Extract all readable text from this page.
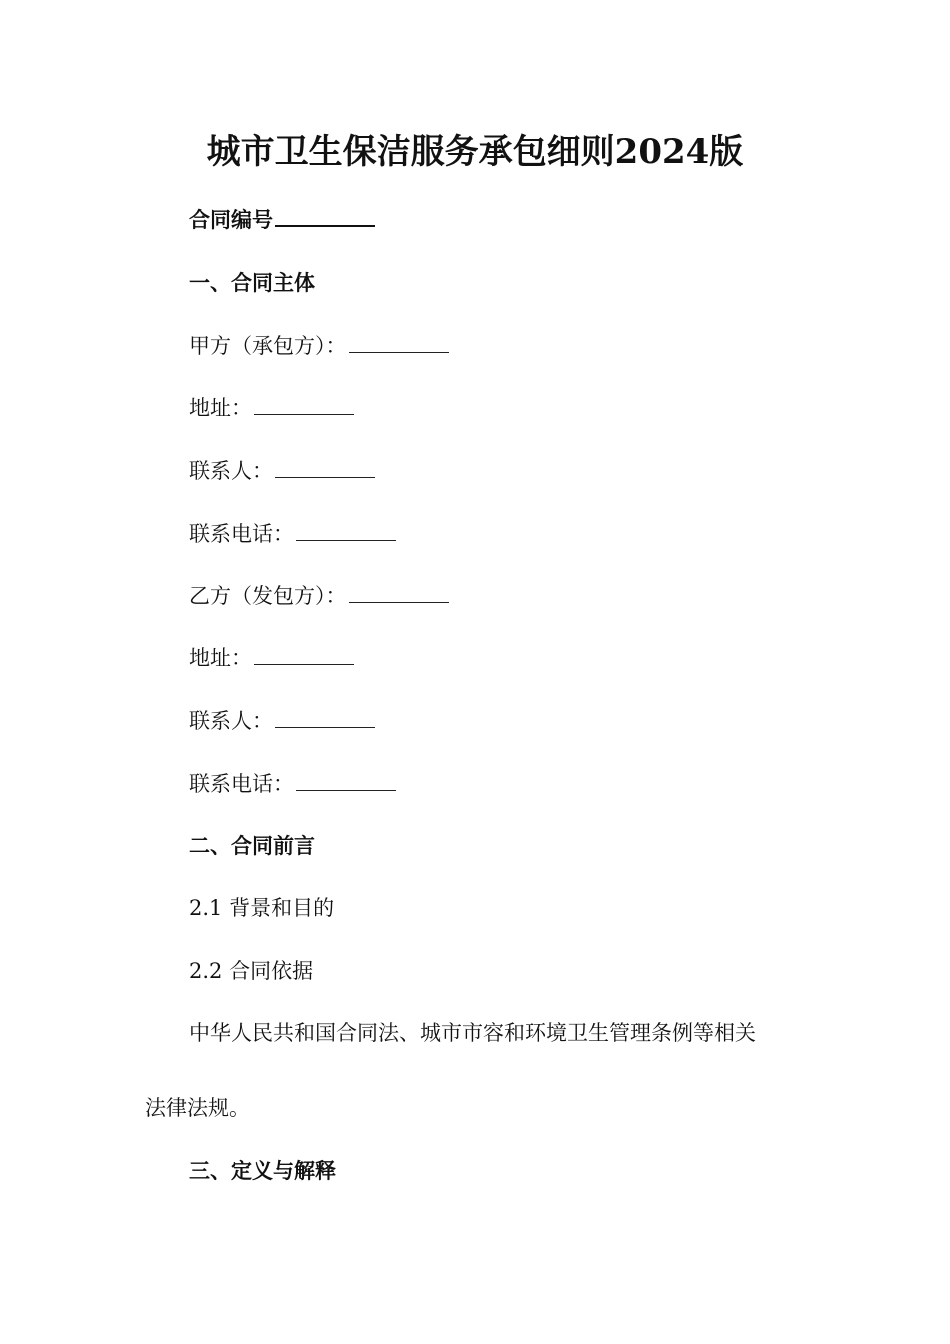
城市卫生保洁服务承包细则2024版
合同编号
一、合同主体
甲方（承包方）：
地址：
联系人：
联系电话：
乙方（发包方）：
地址：
联系人：
联系电话：
二、合同前言
2.1 背景和目的
2.2 合同依据
中华人民共和国合同法、城市市容和环境卫生管理条例等相关
法律法规。
三、定义与解释
